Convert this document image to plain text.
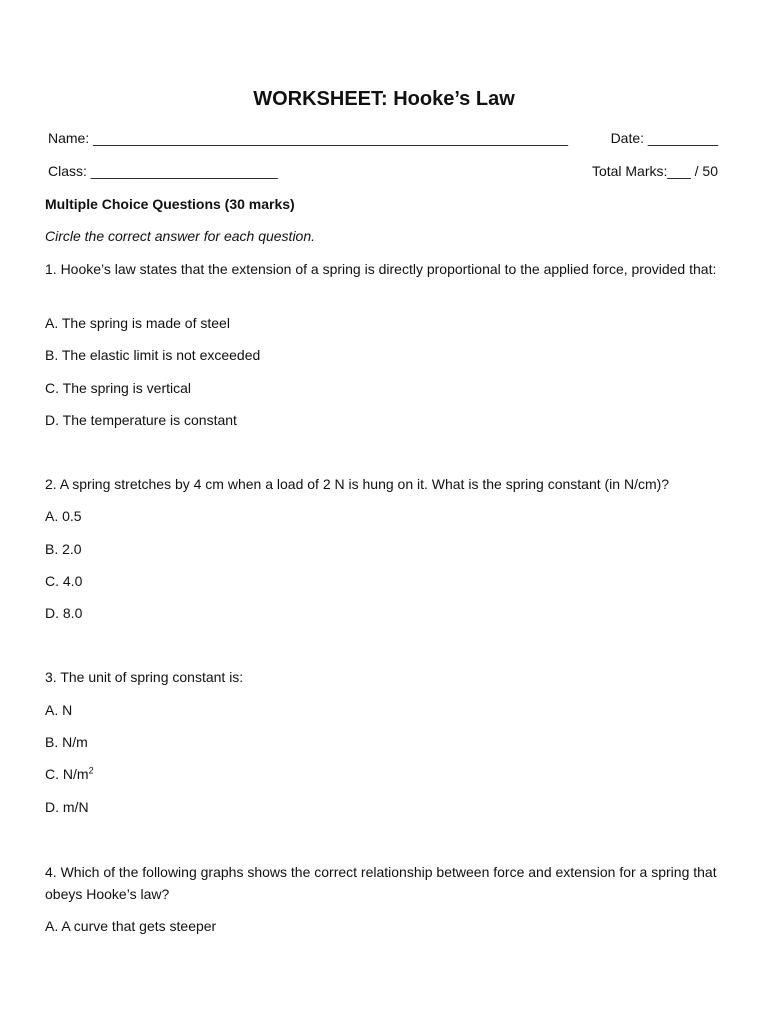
WORKSHEET: Hooke’s Law
Name: _____________________________________________________________	Date: _________
Class: ________________________	Total Marks:___ / 50
Multiple Choice Questions (30 marks)
Circle the correct answer for each question.
1. Hooke’s law states that the extension of a spring is directly proportional to the applied force, provided that:
A. The spring is made of steel
B. The elastic limit is not exceeded
C. The spring is vertical
D. The temperature is constant
2. A spring stretches by 4 cm when a load of 2 N is hung on it. What is the spring constant (in N/cm)?
A. 0.5
B. 2.0
C. 4.0
D. 8.0
3. The unit of spring constant is:
A. N
B. N/m
C. $N/m^2$
D. m/N
4. Which of the following graphs shows the correct relationship between force and extension for a spring that obeys Hooke’s law?
A. A curve that gets steeper
